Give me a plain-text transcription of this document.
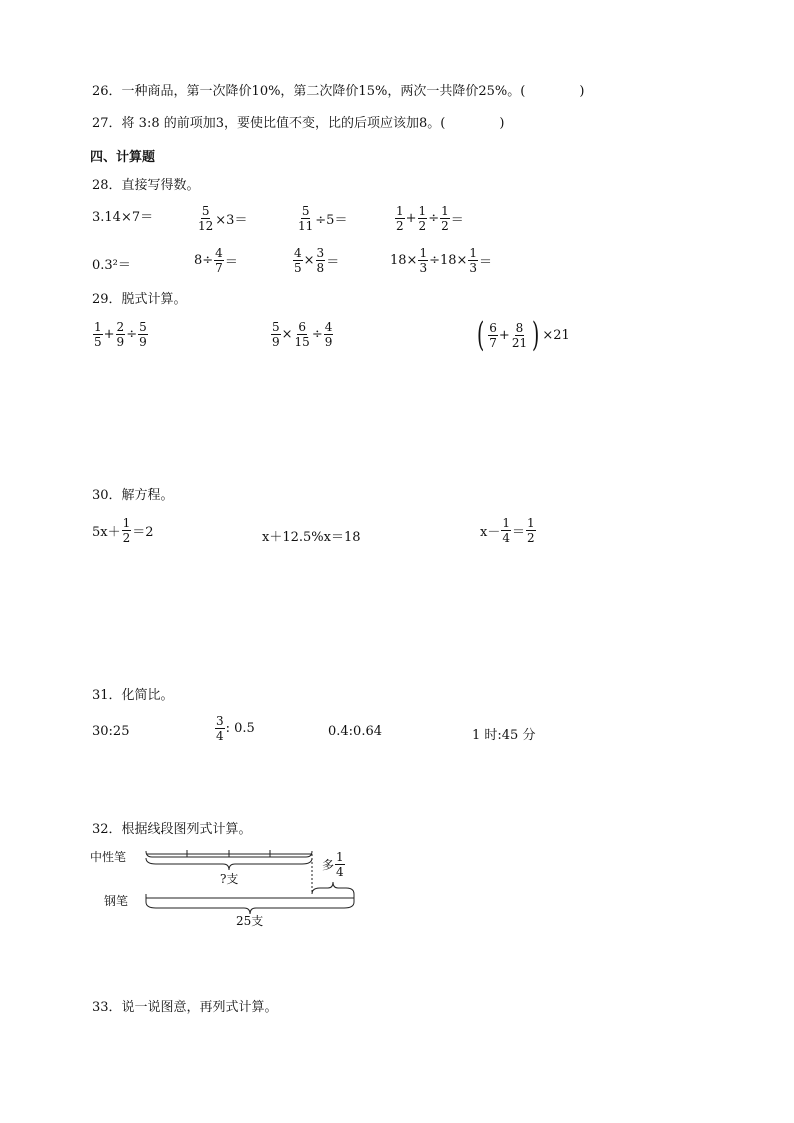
26．一种商品，第一次降价10%，第二次降价15%，两次一共降价25%。(	)
27．将 3:8 的前项加3，要使比值不变，比的后项应该加8。(	)
四、计算题
28．直接写得数。
3.14×7＝	$\frac{5}{12} \times 3=$	$\frac{5}{11} \div 5=$	$\frac{1}{2} + \frac{1}{2} \div \frac{1}{2}$ ＝
0.3²＝	$8\div \frac{4}{7}$ ＝	$\frac{4}{5} \times \frac{3}{8}$ ＝	$18\times \frac{1}{3} \div 18\times \frac{1}{3}$ ＝
29．脱式计算。
$\frac{1}{5} + \frac{2}{9} \div \frac{5}{9}$	$\frac{5}{9} \times \frac{6}{15} \div \frac{4}{9}$	( $\frac{6}{7} + \frac{8}{21}$ ) ×21
30．解方程。
$5x+ \frac{1}{2} =2$	x＋12.5%x＝18	$x- \frac{1}{4} = \frac{1}{2}$
31．化简比。
30:25	$\frac{3}{4}$ : 0.5	0.4:0.64	1 时:45 分
32．根据线段图列式计算。
中性笔
钢笔
?支
多 $\frac{1}{4}$
25支
33．说一说图意，再列式计算。
